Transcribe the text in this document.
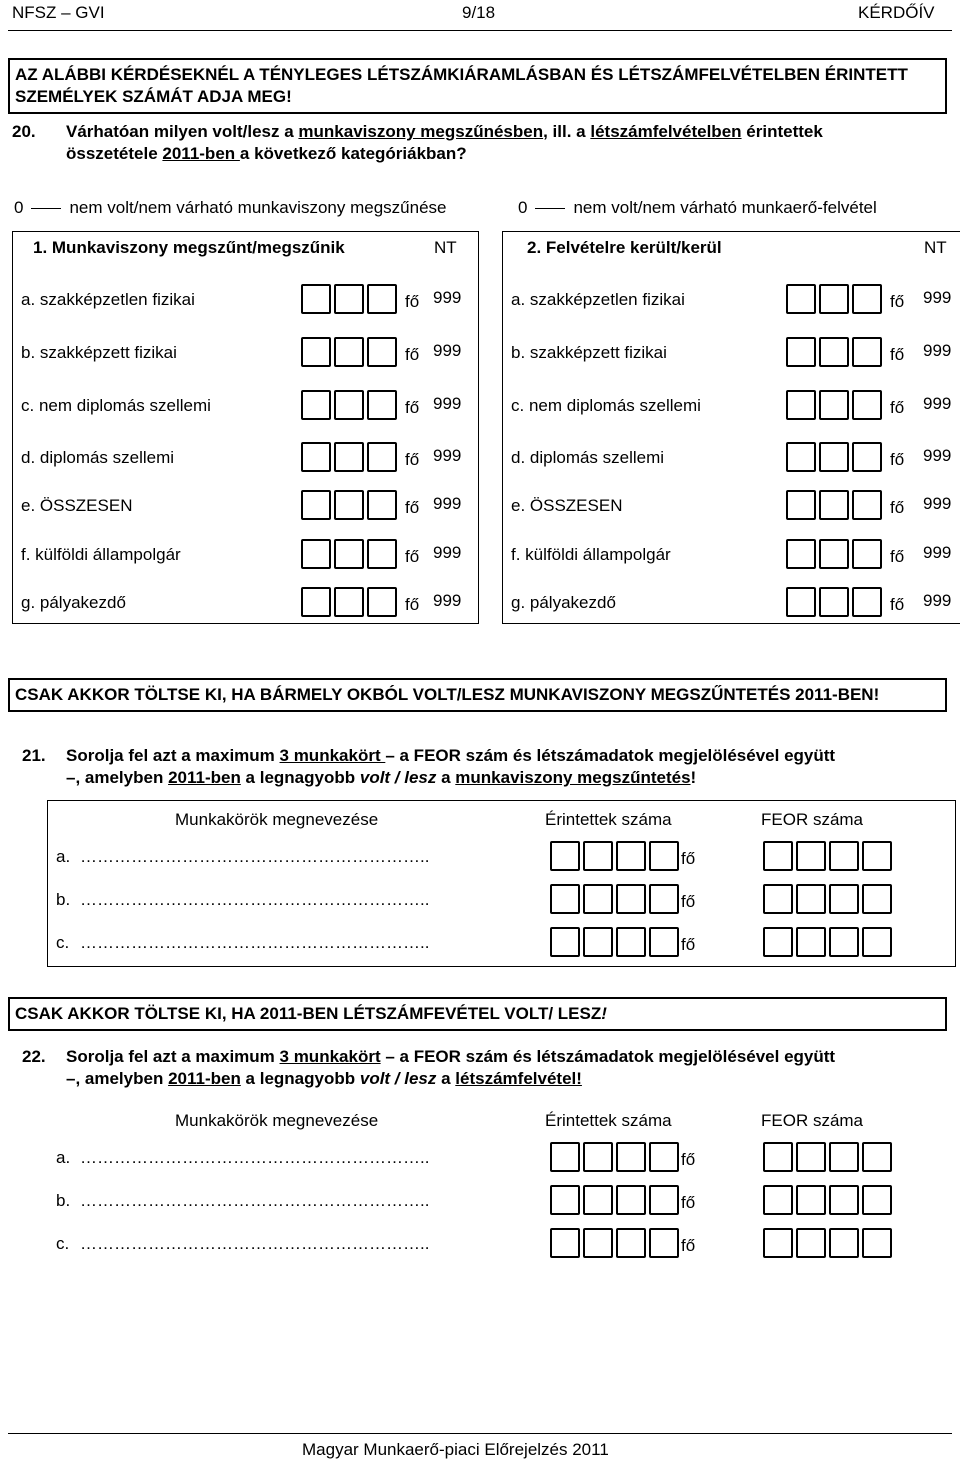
NFSZ – GVI	9/18	KÉRDŐÍV
AZ ALÁBBI KÉRDÉSEKNÉL A TÉNYLEGES LÉTSZÁMKIÁRAMLÁSBAN ÉS LÉTSZÁMFELVÉTELBEN ÉRINTETT SZEMÉLYEK SZÁMÁT ADJA MEG!
20. Várhatóan milyen volt/lesz a munkaviszony megszűnésben, ill. a létszámfelvételben érintettek
összetétele 2011-ben a következő kategóriákban?
0	nem volt/nem várható munkaviszony megszűnése	0	nem volt/nem várható munkaerő-felvétel
1. Munkaviszony megszűnt/megszűnik	NT
a. szakképzetlen fizikai	fő 999
b. szakképzett fizikai	fő 999
c. nem diplomás szellemi	fő 999
d. diplomás szellemi	fő 999
e. ÖSSZESEN	fő 999
f. külföldi állampolgár	fő 999
g. pályakezdő	fő 999
2. Felvételre került/kerül	NT
a. szakképzetlen fizikai	fő 999
b. szakképzett fizikai	fő 999
c. nem diplomás szellemi	fő 999
d. diplomás szellemi	fő 999
e. ÖSSZESEN	fő 999
f. külföldi állampolgár	fő 999
g. pályakezdő	fő 999
CSAK AKKOR TÖLTSE KI, HA BÁRMELY OKBÓL VOLT/LESZ MUNKAVISZONY MEGSZŰNTETÉS 2011-BEN!
21. Sorolja fel azt a maximum 3 munkakört – a FEOR szám és létszámadatok megjelölésével együtt
–, amelyben 2011-ben a legnagyobb volt / lesz a munkaviszony megszűntetés!
Munkakörök megnevezése	Érintettek száma	FEOR száma
a. ……………………………………………………..	fő
b. ……………………………………………………..	fő
c. ……………………………………………………..	fő
CSAK AKKOR TÖLTSE KI, HA 2011-BEN LÉTSZÁMFEVÉTEL VOLT/ LESZ!
22. Sorolja fel azt a maximum 3 munkakört – a FEOR szám és létszámadatok megjelölésével együtt
–, amelyben 2011-ben a legnagyobb volt / lesz a létszámfelvétel!
Munkakörök megnevezése	Érintettek száma	FEOR száma
a. ……………………………………………………..	fő
b. ……………………………………………………..	fő
c. ……………………………………………………..	fő
Magyar Munkaerő-piaci Előrejelzés 2011
